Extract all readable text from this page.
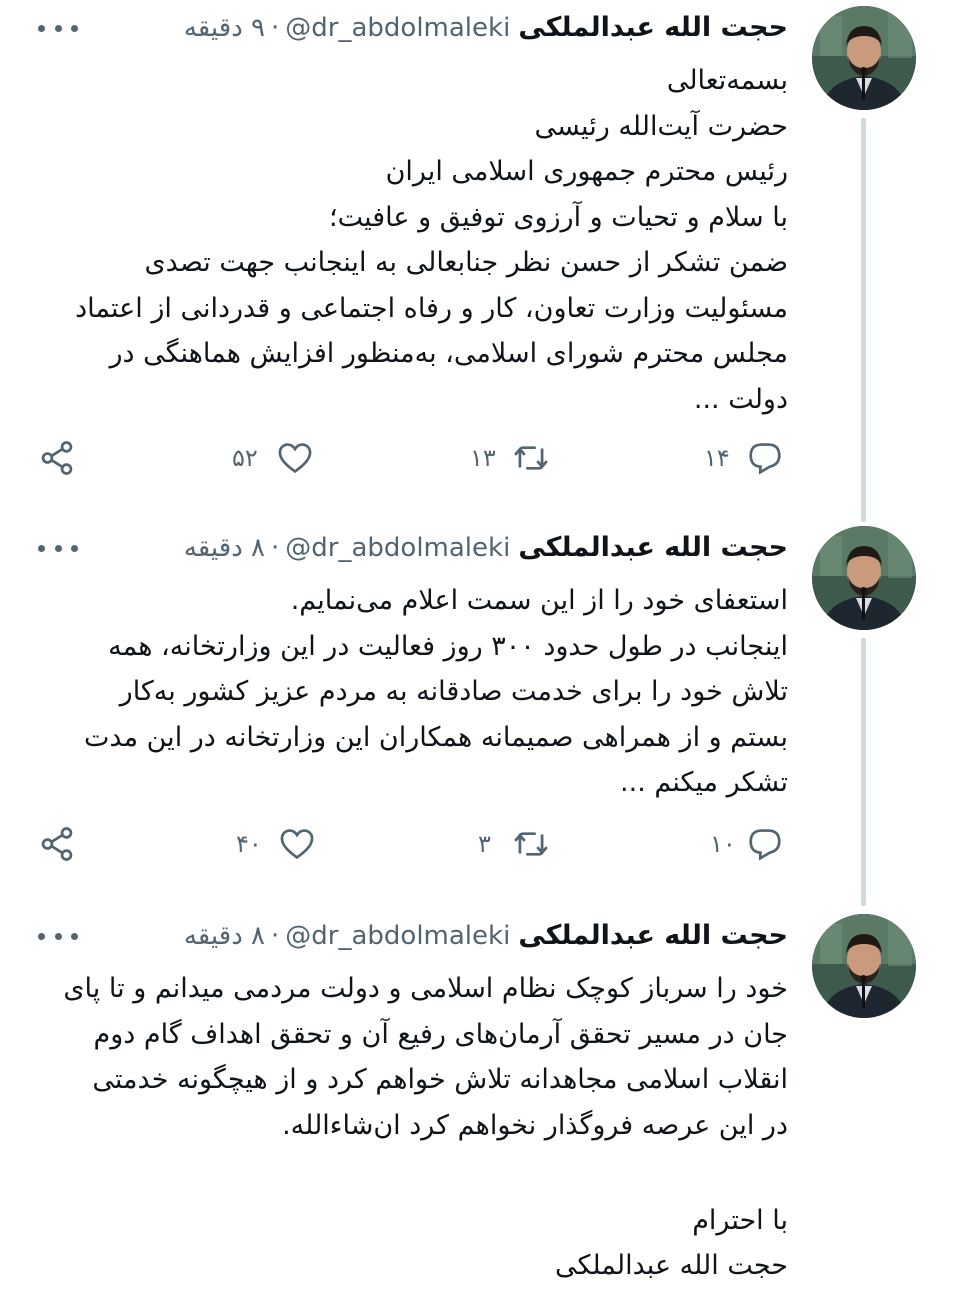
حجت الله عبدالملکی
@dr_abdolmaleki
·
۹ دقیقه

بسمه‌تعالی

حضرت آیت‌الله رئیسی

رئیس محترم جمهوری اسلامی ایران

با سلام و تحیات و آرزوی توفیق و عافیت؛

ضمن تشکر از حسن نظر جنابعالی به اینجانب جهت تصدی

مسئولیت وزارت تعاون، کار و رفاه اجتماعی و قدردانی از اعتماد

مجلس محترم شورای اسلامی، به‌منظور افزایش هماهنگی در

دولت ...

۵۲	۱۳	۱۴
حجت الله عبدالملکی
@dr_abdolmaleki
·
۸ دقیقه

استعفای خود را از این سمت اعلام می‌نمایم.

اینجانب در طول حدود ۳۰۰ روز فعالیت در این وزارتخانه، همه

تلاش خود را برای خدمت صادقانه به مردم عزیز کشور به‌کار

بستم و از همراهی صمیمانه همکاران این وزارتخانه در این مدت

تشکر میکنم ...

۴۰	۳	۱۰
حجت الله عبدالملکی
@dr_abdolmaleki
·
۸ دقیقه

خود را سرباز کوچک نظام اسلامی و دولت مردمی میدانم و تا پای

جان در مسیر تحقق آرمان‌های رفیع آن و تحقق اهداف گام دوم

انقلاب اسلامی مجاهدانه تلاش خواهم کرد و از هیچگونه خدمتی

در این عرصه فروگذار نخواهم کرد ان‌شاءالله.

با احترام

حجت الله عبدالملکی
